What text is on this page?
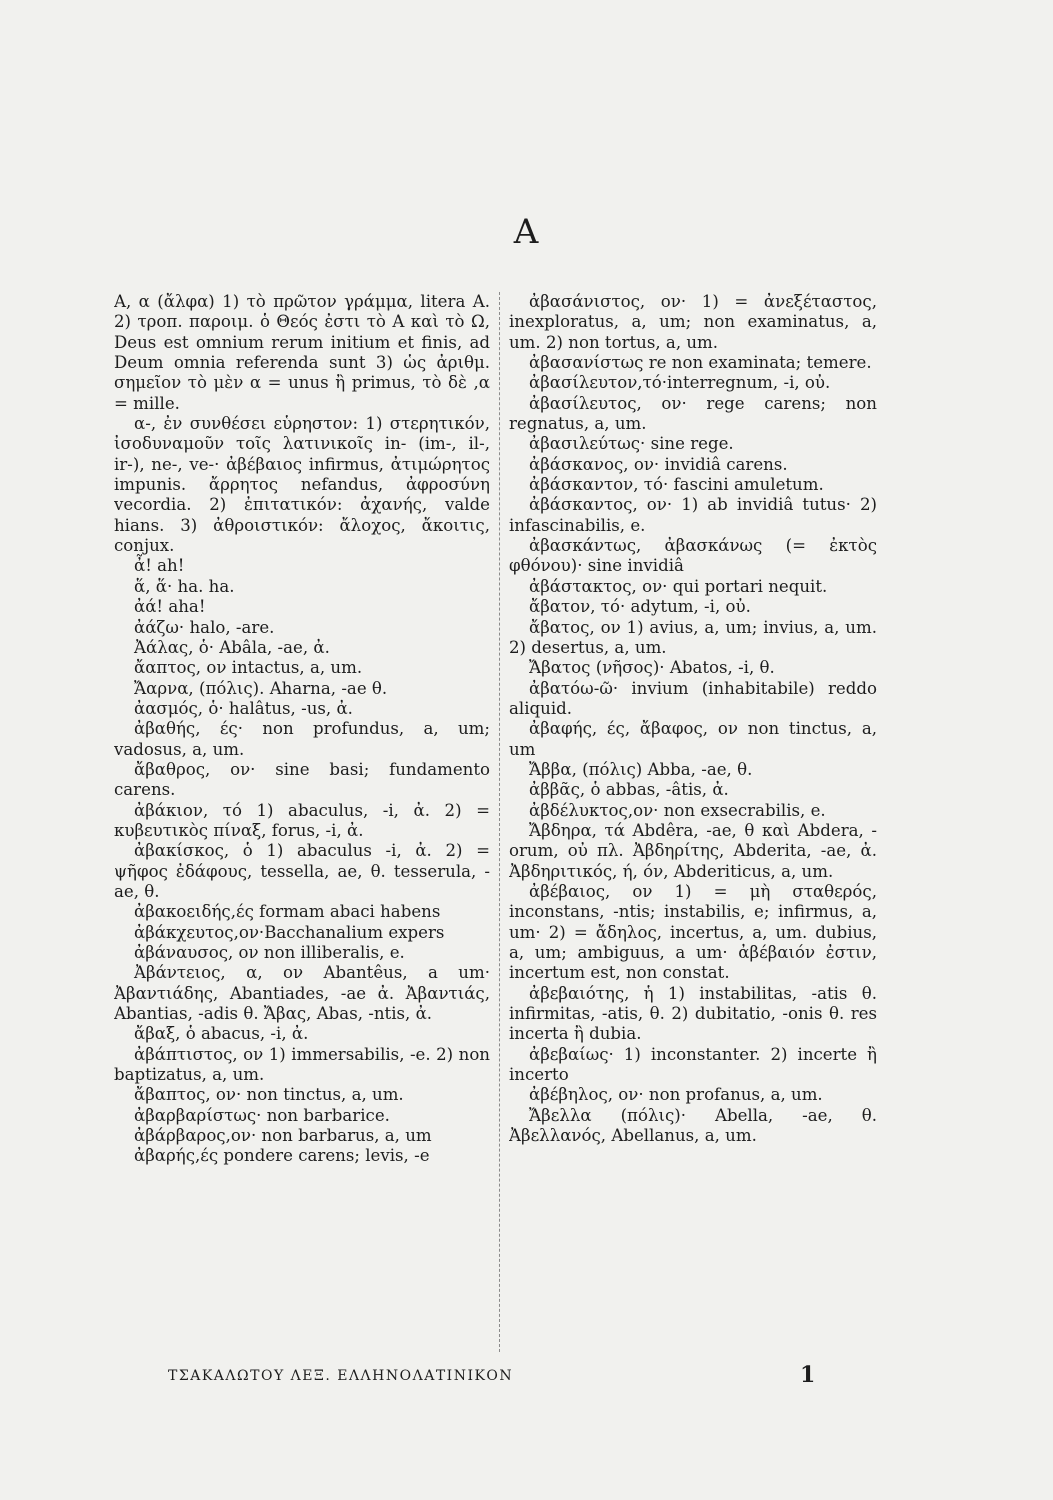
Α

Α, α (ἄλφα) 1) τὸ πρῶτον γράμμα, litera A. 2) τροπ. παροιμ. ὁ Θεός ἐστι τὸ Α καὶ τὸ Ω, Deus est omnium rerum initium et finis, ad Deum omnia referenda sunt 3) ὡς ἀριθμ. σημεῖον τὸ μὲν α = unus ἢ primus, τὸ δὲ ,α = mille.

α-, ἐν συνθέσει εὑρηστον: 1) στερητικόν, ἰσοδυναμοῦν τοῖς λατινικοῖς in- (im-, il-, ir-), ne-, ve-· ἀβέβαιος infirmus, ἀτιμώρητος impunis. ἄρρητος nefandus, ἀφροσύνη vecordia. 2) ἐπιτατικόν: ἀχανής, valde hians. 3) ἀθροιστικόν: ἄλοχος, ἄκοιτις, conjux.

ἆ! ah!

ἅ, ἅ· ha. ha.

ἀά! aha!

ἀάζω· halo, -are.

Ἀάλας, ὁ· Abâla, -ae, ἀ.

ἄαπτος, ον intactus, a, um.

Ἄαρνα, (πόλις). Aharna, -ae θ.

ἀασμός, ὁ· halâtus, -us, ἀ.

ἀβαθής, ές· non profundus, a, um; vadosus, a, um.

ἄβαθρος, ον· sine basi; fundamento carens.

ἀβάκιον, τό 1) abaculus, -i, ἀ. 2) = κυβευτικὸς πίναξ, forus, -i, ἀ.

ἀβακίσκος, ὁ 1) abaculus -i, ἀ. 2) = ψῆφος ἐδάφους, tessella, ae, θ. tesserula, -ae, θ.

ἀβακοειδής,ές formam abaci habens

ἀβάκχευτος,ον·Bacchanalium expers

ἀβάναυσος, ον non illiberalis, e.

Ἀβάντειος, α, ον Abantêus, a um· Ἀβαντιάδης, Abantiades, -ae ἀ. Ἀβαντιάς, Abantias, -adis θ. Ἄβας, Abas, -ntis, ἀ.

ἄβαξ, ὁ abacus, -i, ἀ.

ἀβάπτιστος, ον 1) immersabilis, -e. 2) non baptizatus, a, um.

ἄβαπτος, ον· non tinctus, a, um.

ἀβαρβαρίστως· non barbarice.

ἀβάρβαρος,ον· non barbarus, a, um

ἀβαρής,ές pondere carens; levis, -e

ἀβασάνιστος, ον· 1) = ἀνεξέταστος, inexploratus, a, um; non examinatus, a, um. 2) non tortus, a, um.

ἀβασανίστως re non examinata; temere.

ἀβασίλευτον,τό·interregnum, -i, οὐ.

ἀβασίλευτος, ον· rege carens; non regnatus, a, um.

ἀβασιλεύτως· sine rege.

ἀβάσκανος, ον· invidiâ carens.

ἀβάσκαντον, τό· fascini amuletum.

ἀβάσκαντος, ον· 1) ab invidiâ tutus· 2) infascinabilis, e.

ἀβασκάντως, ἀβασκάνως (= ἐκτὸς φθόνου)· sine invidiâ

ἀβάστακτος, ον· qui portari nequit.

ἄβατον, τό· adytum, -i, οὐ.

ἄβατος, ον 1) avius, a, um; invius, a, um. 2) desertus, a, um.

Ἄβατος (νῆσος)· Abatos, -i, θ.

ἀβατόω-ῶ· invium (inhabitabile) reddo aliquid.

ἀβαφής, ές, ἄβαφος, ον non tinctus, a, um

Ἄββα, (πόλις) Abba, -ae, θ.

ἀββᾶς, ὁ abbas, -âtis, ἀ.

ἀβδέλυκτος,ον· non exsecrabilis, e.

Ἄβδηρα, τά Abdêra, -ae, θ καὶ Abdera, -orum, οὐ πλ. Ἀβδηρίτης, Abderita, -ae, ἀ. Ἀβδηριτικός, ή, όν, Abderiticus, a, um.

ἀβέβαιος, ον 1) = μὴ σταθερός, inconstans, -ntis; instabilis, e; infirmus, a, um· 2) = ἄδηλος, incertus, a, um. dubius, a, um; ambiguus, a um· ἀβέβαιόν ἐστιν, incertum est, non constat.

ἀβεβαιότης, ἡ 1) instabilitas, -atis θ. infirmitas, -atis, θ. 2) dubitatio, -onis θ. res incerta ἢ dubia.

ἀβεβαίως· 1) inconstanter. 2) incerte ἢ incerto

ἀβέβηλος, ον· non profanus, a, um.

Ἄβελλα (πόλις)· Abella, -ae, θ. Ἀβελλανός, Abellanus, a, um.

ΤΣΑΚΑΛΩΤΟΥ ΛΕΞ. ΕΛΛΗΝΟΛΑΤΙΝΙΚΟΝ	1
